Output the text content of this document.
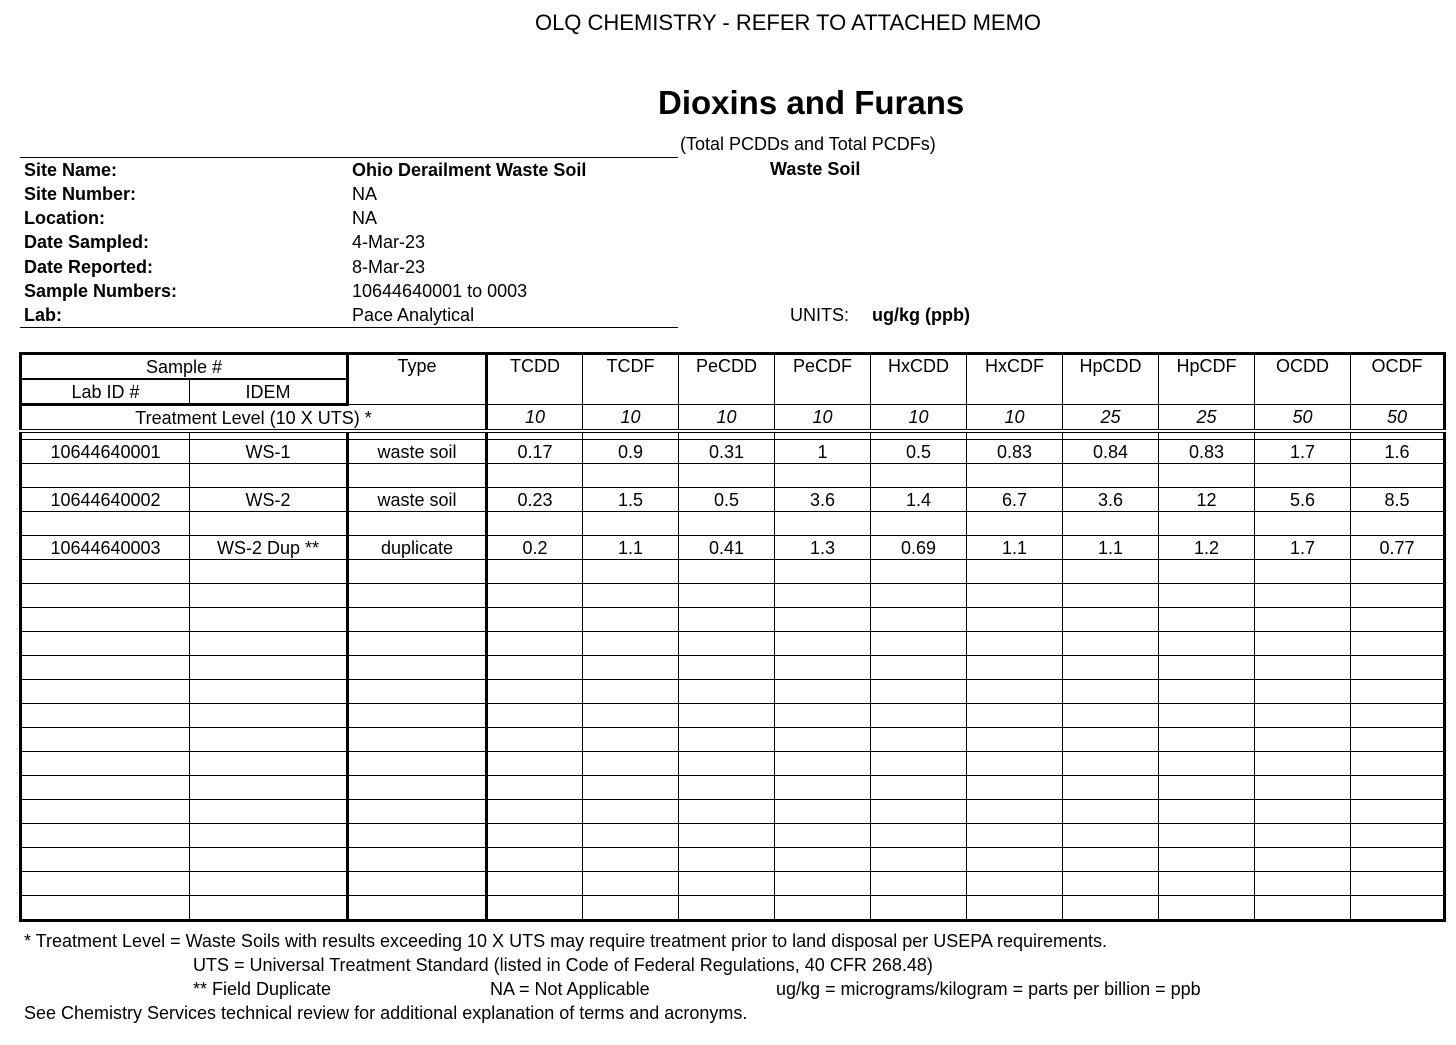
OLQ CHEMISTRY - REFER TO ATTACHED MEMO
Dioxins and Furans
(Total PCDDs and Total PCDFs)
Site Name:	Ohio Derailment Waste Soil
Site Number:	NA
Location:	NA
Date Sampled:	4-Mar-23
Date Reported:	8-Mar-23
Sample Numbers:	10644640001 to 0003
Lab:	Pace Analytical
Waste Soil
UNITS: ug/kg (ppb)
Sample #		Type	TCDD	TCDF	PeCDD	PeCDF	HxCDD	HxCDF	HpCDD	HpCDF	OCDD	OCDF
Lab ID #	IDEM											
Treatment Level (10 X UTS) *			10	10	10	10	10	10	25	25	50	50

10644640001	WS-1	waste soil	0.17	0.9	0.31	1	0.5	0.83	0.84	0.83	1.7	1.6

10644640002	WS-2	waste soil	0.23	1.5	0.5	3.6	1.4	6.7	3.6	12	5.6	8.5

10644640003	WS-2 Dup **	duplicate	0.2	1.1	0.41	1.3	0.69	1.1	1.1	1.2	1.7	0.77

* Treatment Level = Waste Soils with results exceeding 10 X UTS may require treatment prior to land disposal per USEPA requirements.
UTS = Universal Treatment Standard (listed in Code of Federal Regulations, 40 CFR 268.48)
** Field Duplicate	NA = Not Applicable	ug/kg = micrograms/kilogram = parts per billion = ppb
See Chemistry Services technical review for additional explanation of terms and acronyms.
